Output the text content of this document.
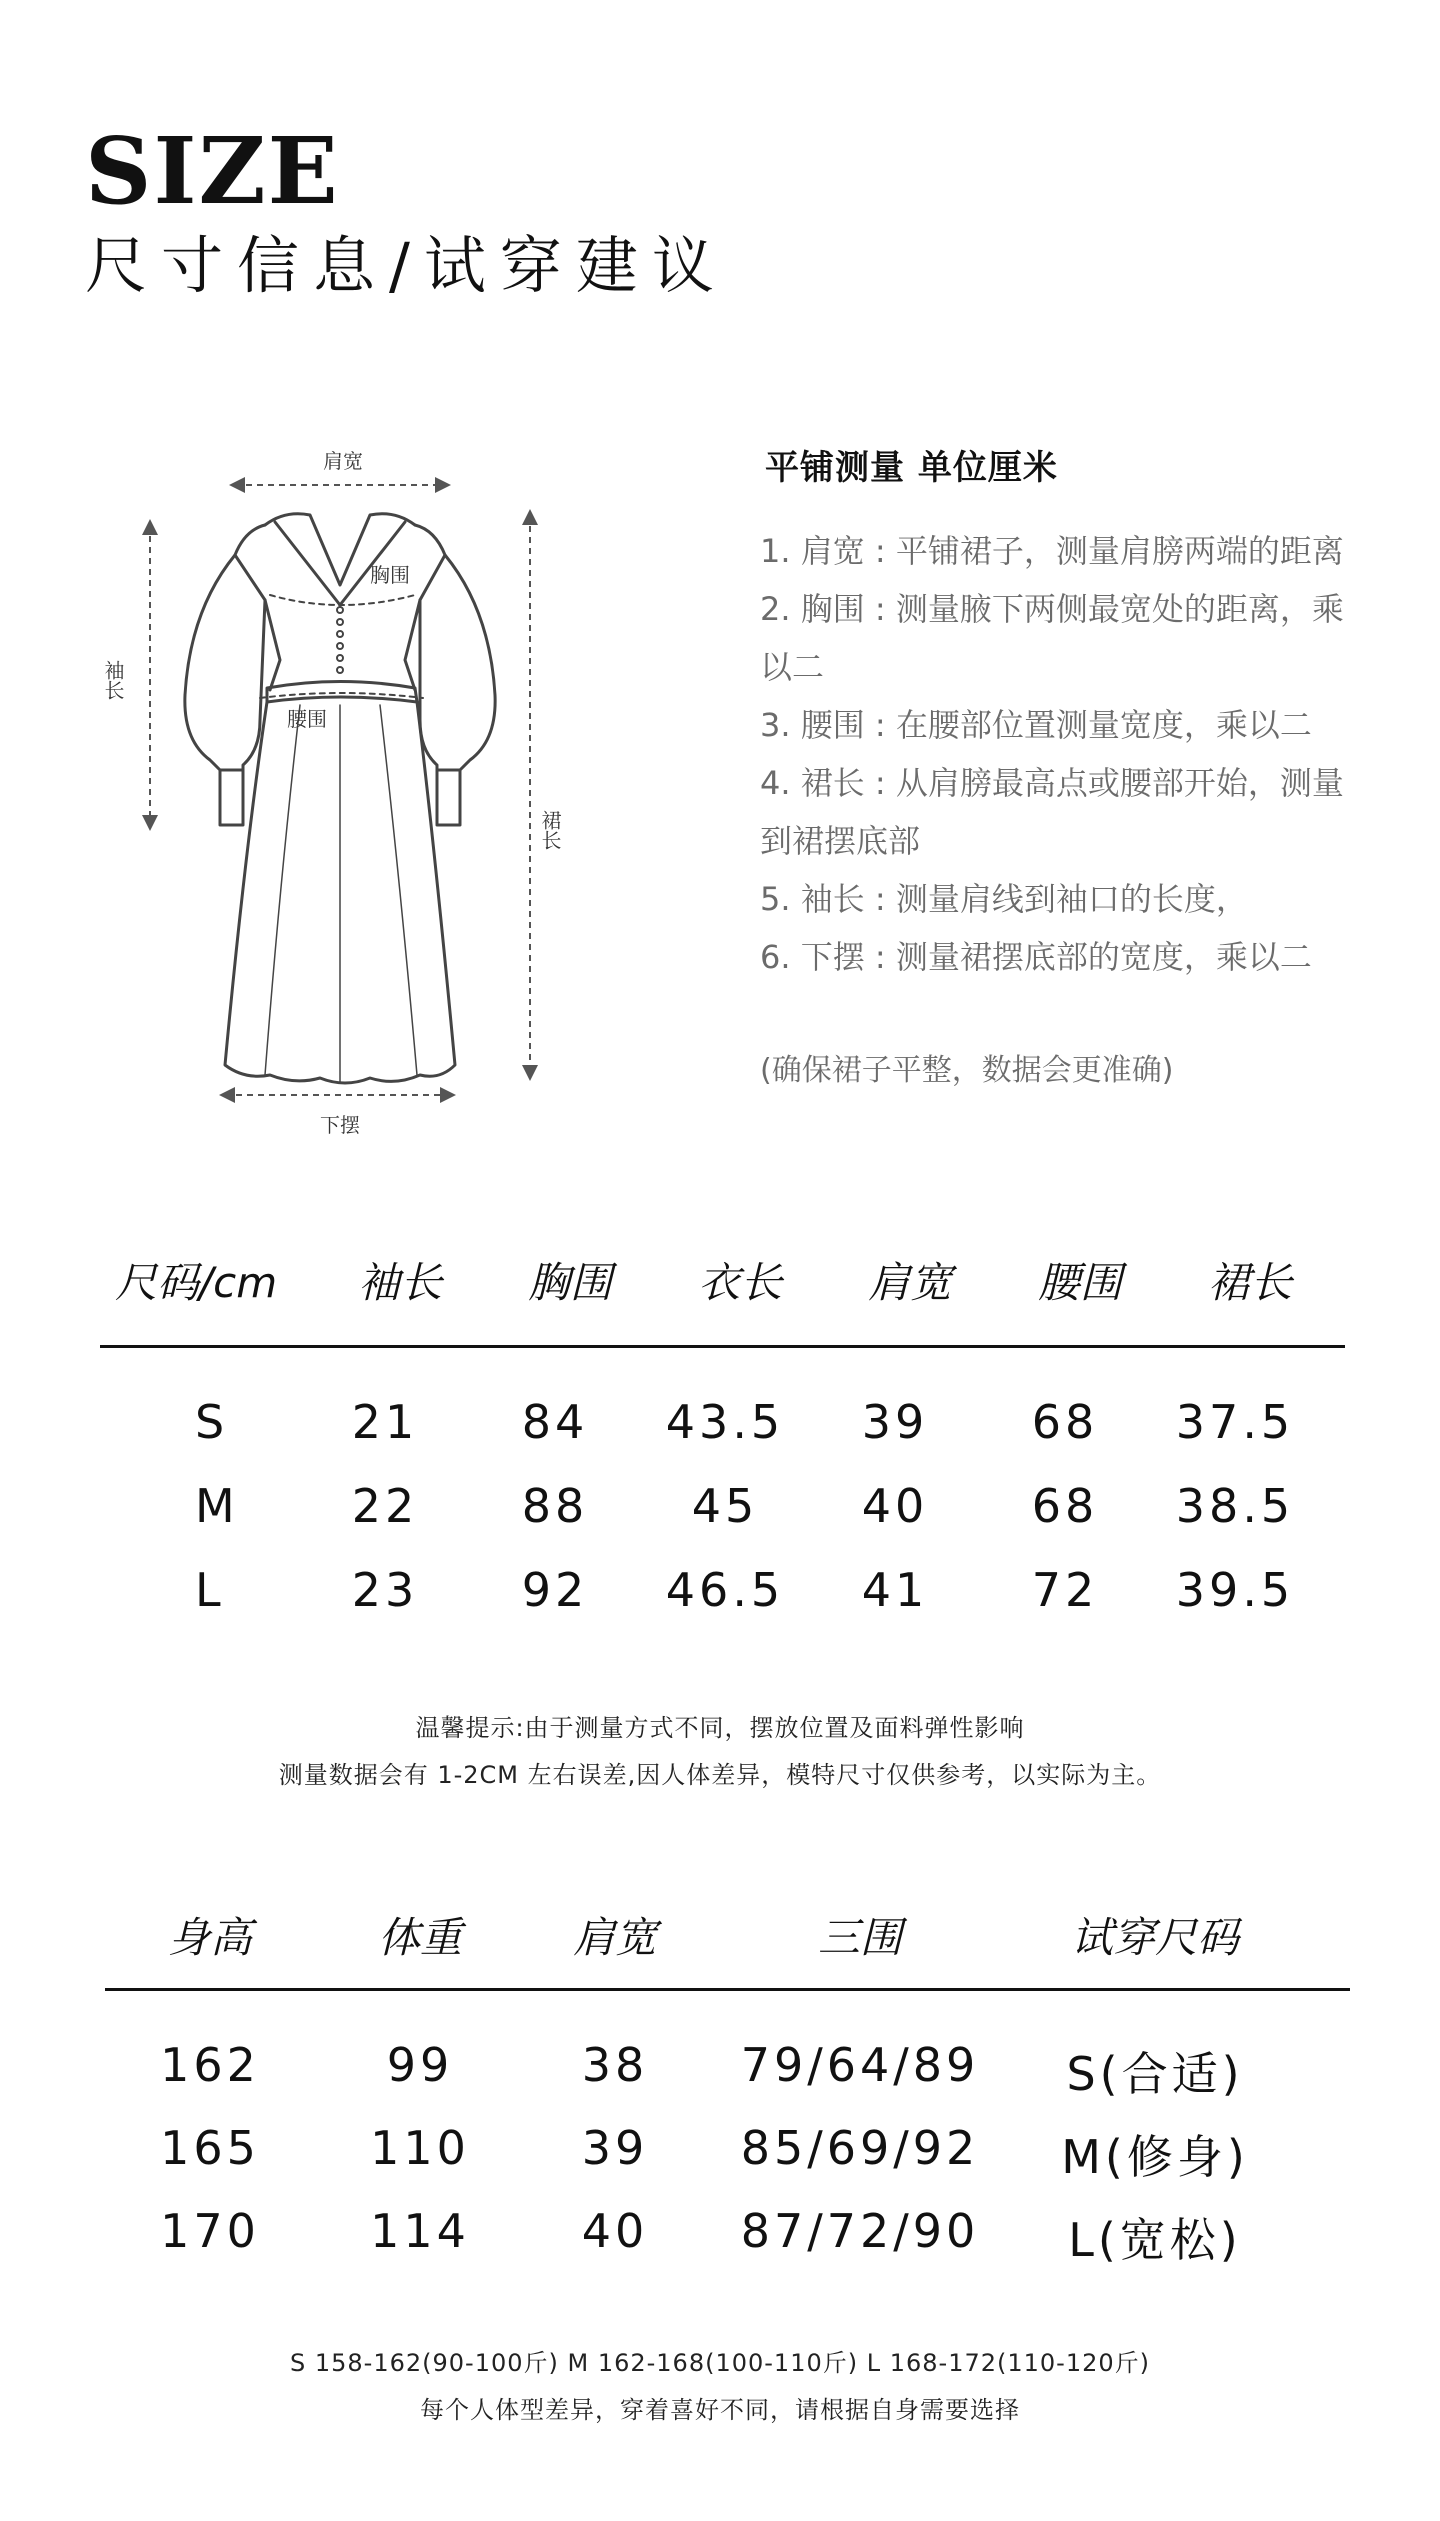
SIZE
尺寸信息/试穿建议
肩宽
胸围
腰围
裙长
袖长
下摆
平铺测量 单位厘米

1. 肩宽 : 平铺裙子，测量肩膀两端的距离

2. 胸围 : 测量腋下两侧最宽处的距离，乘以二

3. 腰围 : 在腰部位置测量宽度，乘以二

4. 裙长 : 从肩膀最高点或腰部开始，测量到裙摆底部

5. 袖长 : 测量肩线到袖口的长度，

6. 下摆 : 测量裙摆底部的宽度，乘以二

(确保裙子平整，数据会更准确)
尺码/cm	袖长	胸围	衣长	肩宽	腰围	裙长
S	21	84	43.5	39	68	37.5
M	22	88	45	40	68	38.5
L	23	92	46.5	41	72	39.5
温馨提示:由于测量方式不同，摆放位置及面料弹性影响
测量数据会有 1-2CM 左右误差,因人体差异，模特尺寸仅供参考，以实际为主。
身高	体重	肩宽	三围	试穿尺码
162	99	38	79/64/89	S(合适)
165	110	39	85/69/92	M(修身)
170	114	40	87/72/90	L(宽松)
S 158-162(90-100斤) M 162-168(100-110斤) L 168-172(110-120斤)
每个人体型差异，穿着喜好不同，请根据自身需要选择
